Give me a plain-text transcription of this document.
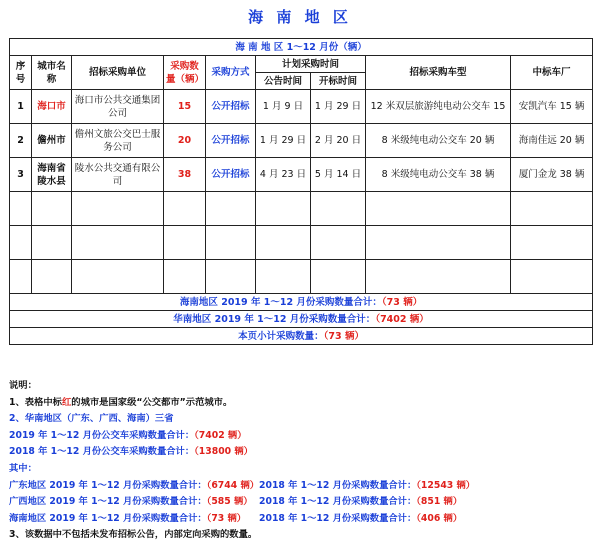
海 南 地 区
海 南 地 区 1～12 月份（辆）								
序号	城市名称	招标采购单位	采购数量（辆）	采购方式	计划采购时间		招标采购车型	中标车厂
					公告时间	开标时间		
1	海口市	海口市公共交通集团公司	15	公开招标	1 月 9 日	1 月 29 日	12 米双层旅游纯电动公交车 15	安凯汽车 15 辆
2	儋州市	儋州文旅公交巴士服务公司	20	公开招标	1 月 29 日	2 月 20 日	8 米级纯电动公交车 20 辆	海南佳远 20 辆
3	海南省陵水县	陵水公共交通有限公司	38	公开招标	4 月 23 日	5 月 14 日	8 米级纯电动公交车 38 辆	厦门金龙 38 辆

海南地区 2019 年 1～12 月份采购数量合计：（73 辆）								
华南地区 2019 年 1～12 月份采购数量合计：（7402 辆）								
本页小计采购数量：（73 辆）								
说明：
1、表格中标红的城市是国家级“公交都市”示范城市。
2、华南地区（广东、广西、海南）三省
2019 年 1～12 月份公交车采购数量合计：（7402 辆）
2018 年 1～12 月份公交车采购数量合计：（13800 辆）
其中：
广东地区 2019 年 1～12 月份采购数量合计：（6744 辆） 2018 年 1～12 月份采购数量合计：（12543 辆）
广西地区 2019 年 1～12 月份采购数量合计：（585 辆） 2018 年 1～12 月份采购数量合计：（851 辆）
海南地区 2019 年 1～12 月份采购数量合计：（73 辆） 2018 年 1～12 月份采购数量合计：（406 辆）
3、该数据中不包括未发布招标公告，内部定向采购的数量。
